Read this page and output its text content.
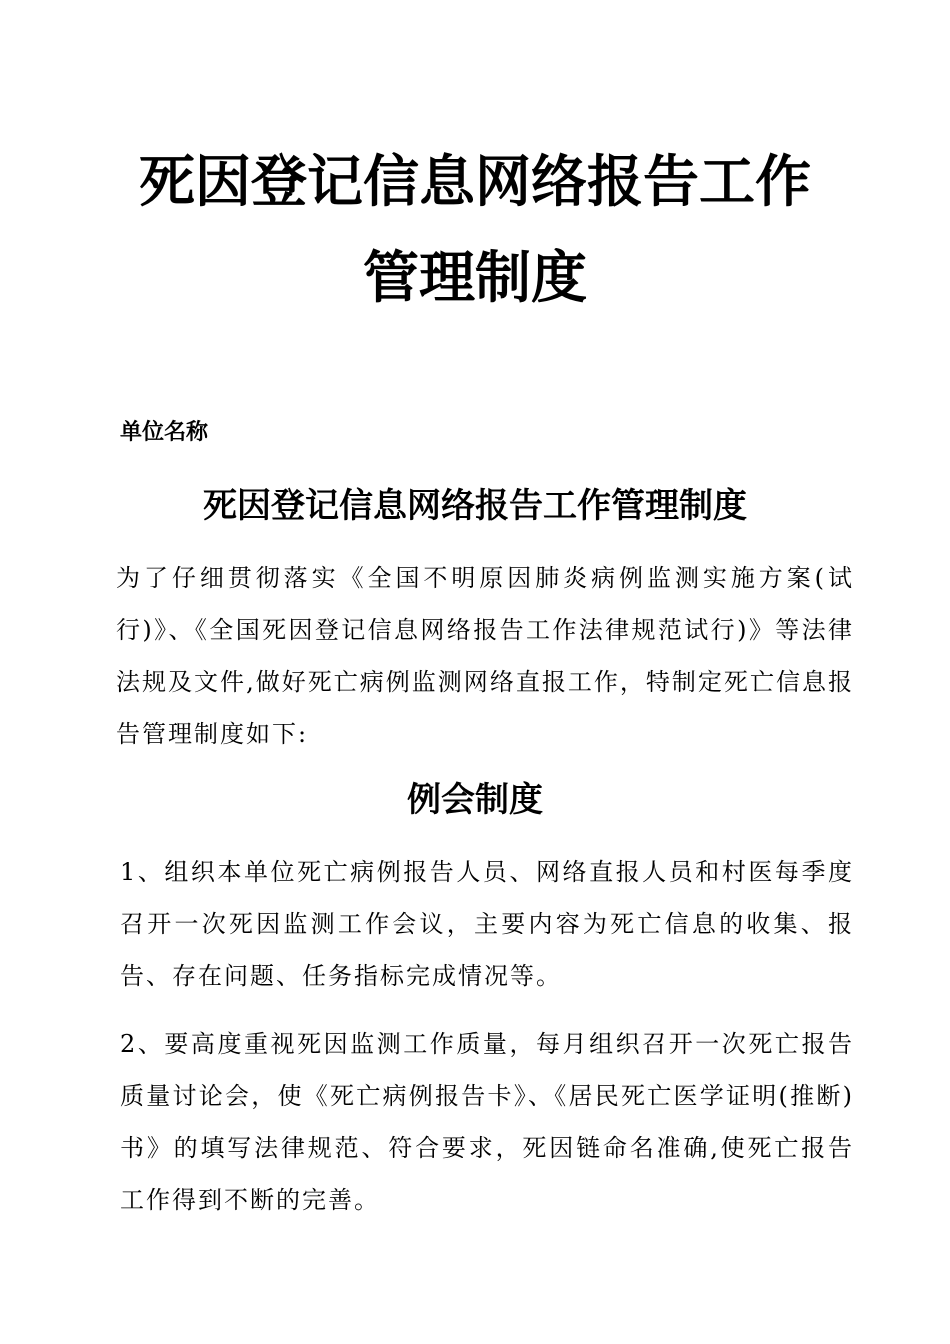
死因登记信息网络报告工作
管理制度

单位名称

死因登记信息网络报告工作管理制度

为了仔细贯彻落实《全国不明原因肺炎病例监测实施方案(试行)》、《全国死因登记信息网络报告工作法律规范试行)》等法律法规及文件,做好死亡病例监测网络直报工作，特制定死亡信息报告管理制度如下:

例会制度

1、组织本单位死亡病例报告人员、网络直报人员和村医每季度召开一次死因监测工作会议，主要内容为死亡信息的收集、报告、存在问题、任务指标完成情况等。

2、要高度重视死因监测工作质量，每月组织召开一次死亡报告质量讨论会，使《死亡病例报告卡》、《居民死亡医学证明(推断)书》的填写法律规范、符合要求，死因链命名准确,使死亡报告工作得到不断的完善。
